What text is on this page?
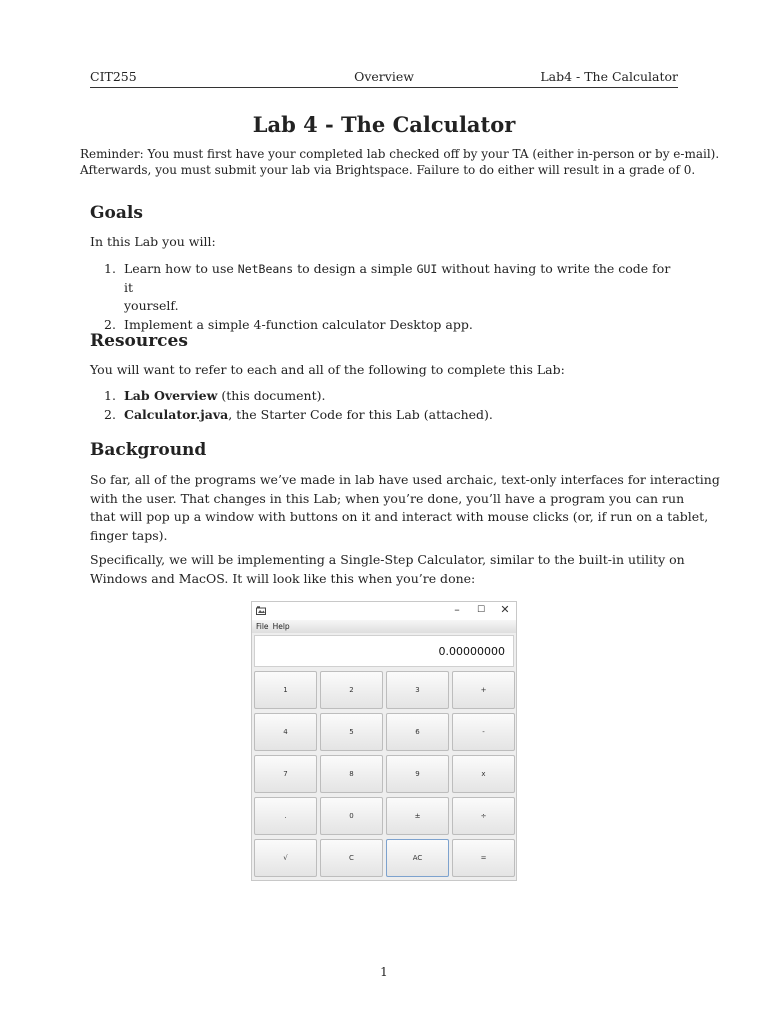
CIT255	Overview	Lab4 - The Calculator
Lab 4 - The Calculator
Reminder: You must first have your completed lab checked off by your TA (either in-person or by e-mail).
Afterwards, you must submit your lab via Brightspace. Failure to do either will result in a grade of 0.
Goals
In this Lab you will:
1. Learn how to use NetBeans to design a simple GUI without having to write the code for it
yourself.
2. Implement a simple 4-function calculator Desktop app.
Resources
You will want to refer to each and all of the following to complete this Lab:
1. Lab Overview (this document).
2. Calculator.java, the Starter Code for this Lab (attached).
Background
So far, all of the programs we’ve made in lab have used archaic, text-only interfaces for interacting
with the user. That changes in this Lab; when you’re done, you’ll have a program you can run
that will pop up a window with buttons on it and interact with mouse clicks (or, if run on a tablet,
finger taps).
Specifically, we will be implementing a Single-Step Calculator, similar to the built-in utility on
Windows and MacOS. It will look like this when you’re done:
–	☐ ✕
File Help
0.00000000
1	2	3	+
4	5	6	-
7	8	9	x
.	0	±	÷
√	C	AC	=
1
